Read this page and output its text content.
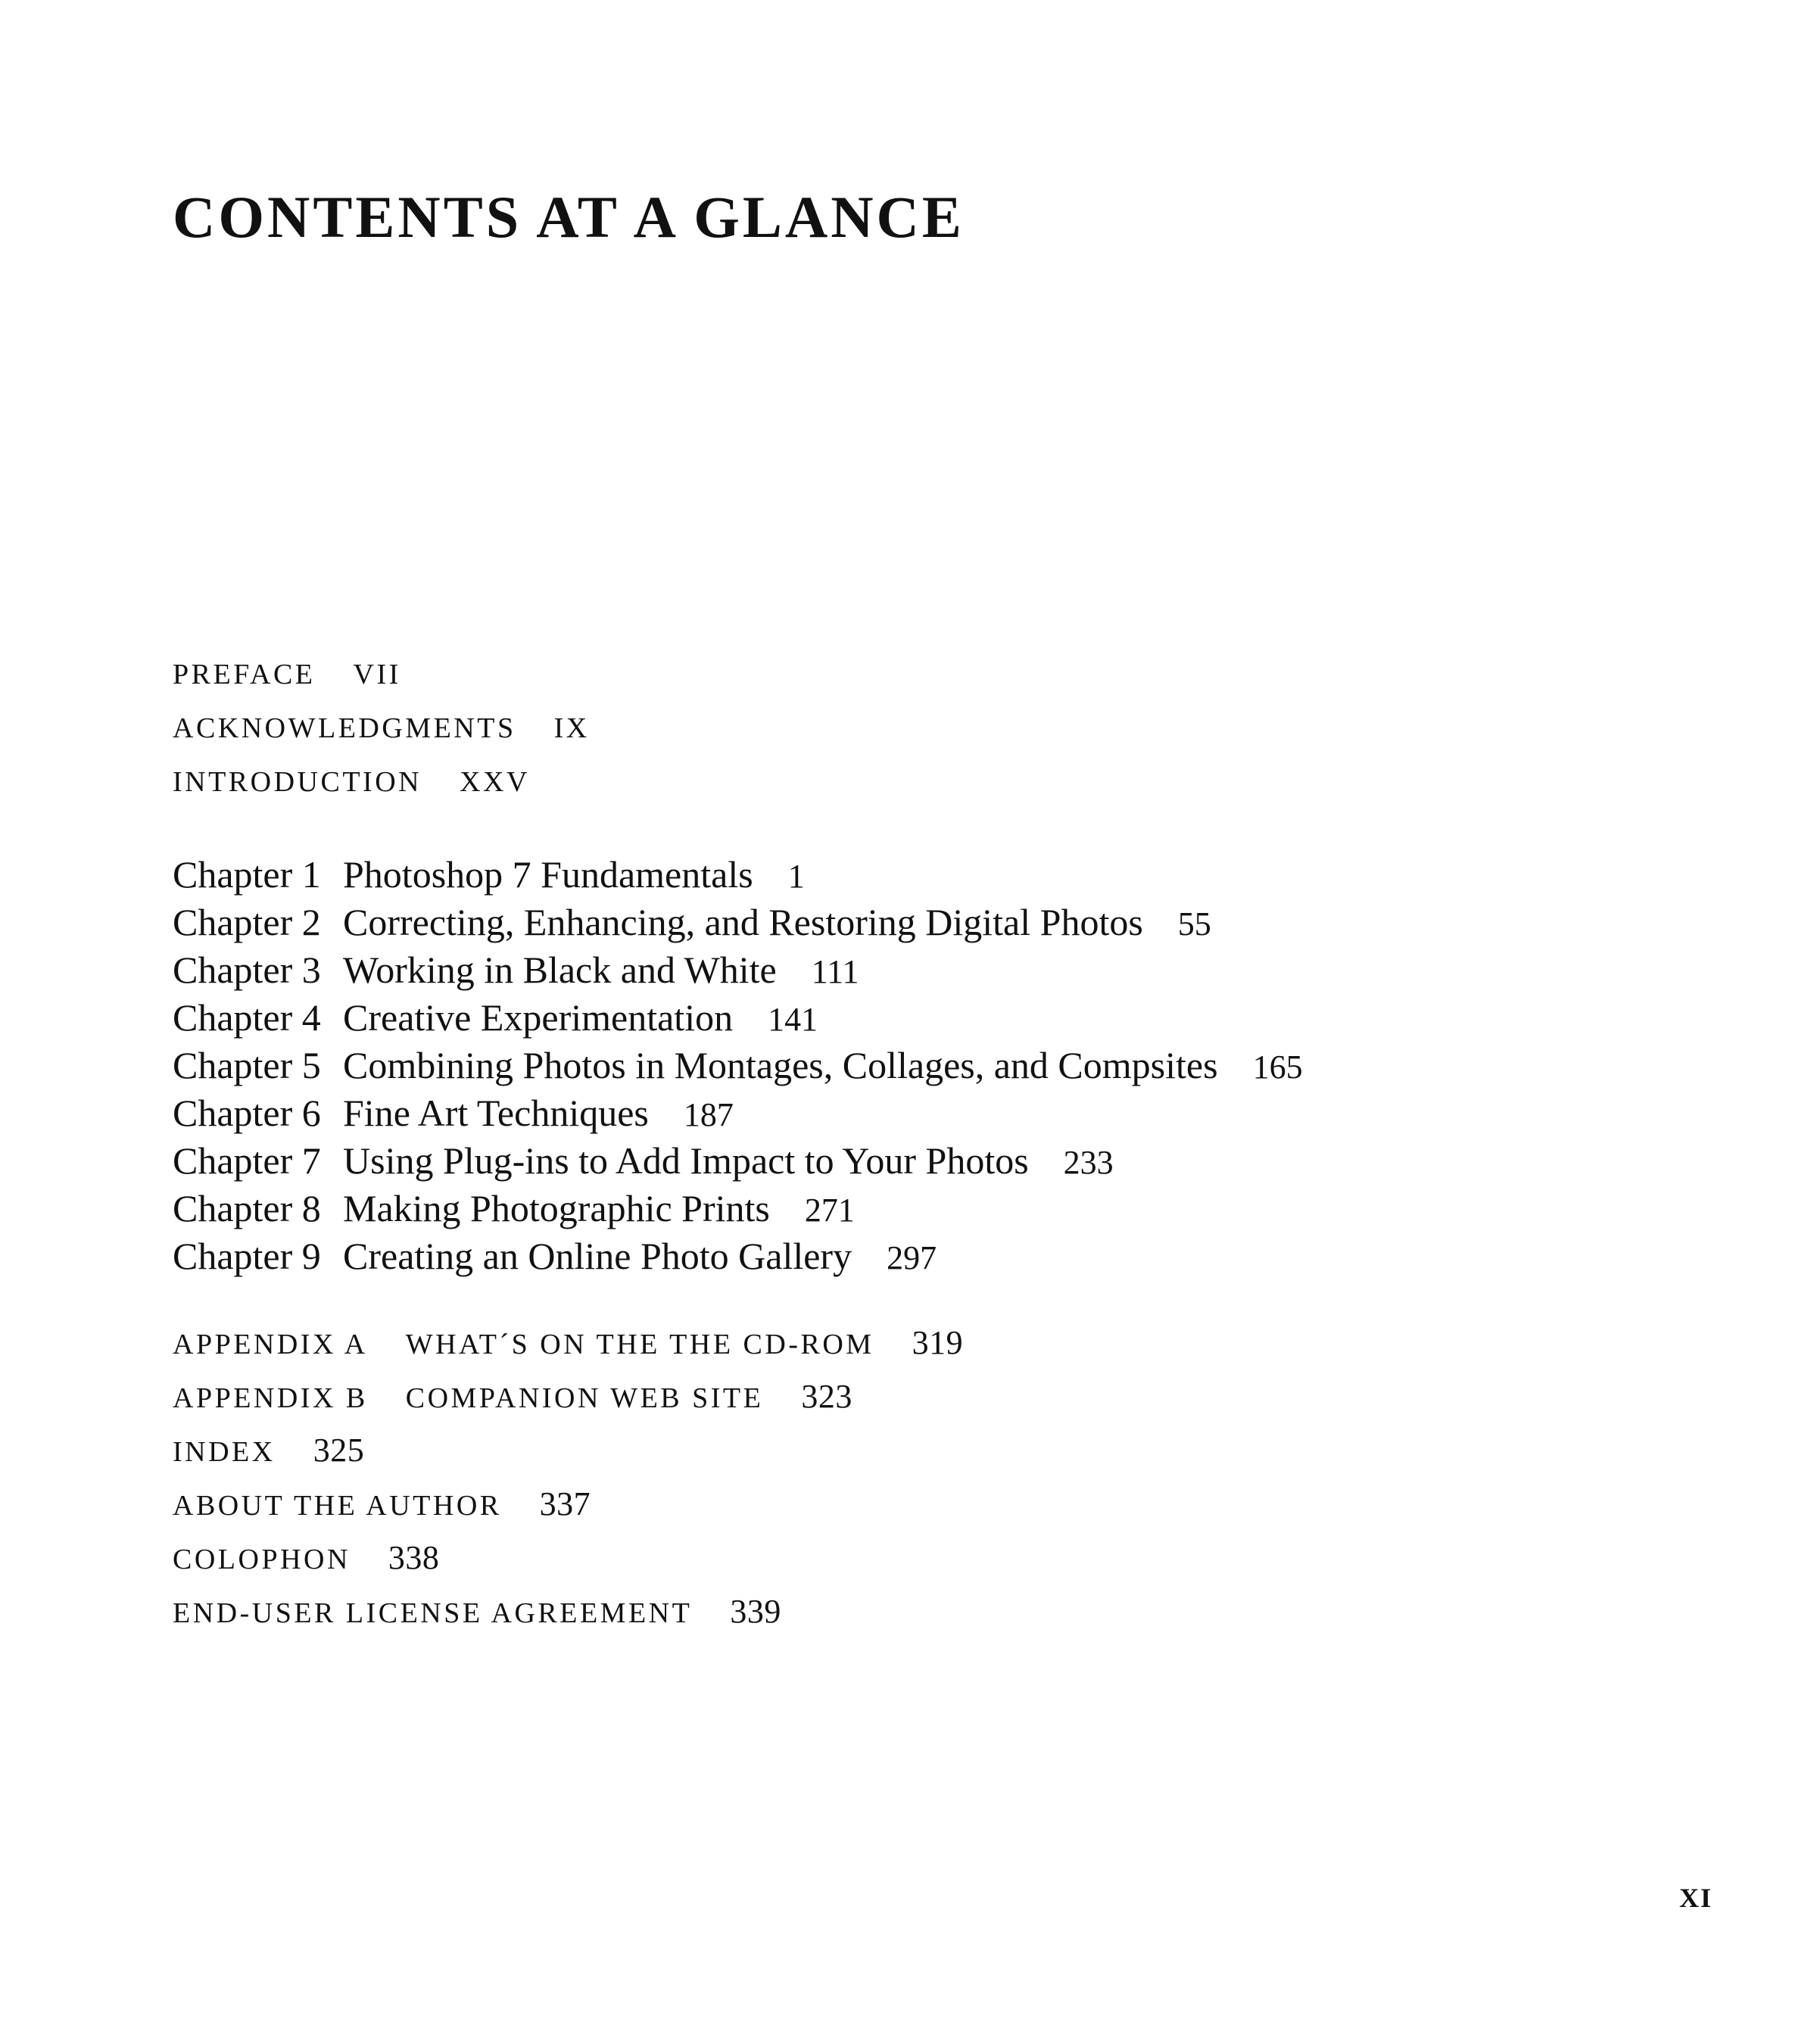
CONTENTS AT A GLANCE
PREFACE VII
ACKNOWLEDGMENTS IX
INTRODUCTION XXV
Chapter 1 Photoshop 7 Fundamentals 1
Chapter 2 Correcting, Enhancing, and Restoring Digital Photos 55
Chapter 3 Working in Black and White 111
Chapter 4 Creative Experimentation 141
Chapter 5 Combining Photos in Montages, Collages, and Compsites 165
Chapter 6 Fine Art Techniques 187
Chapter 7 Using Plug-ins to Add Impact to Your Photos 233
Chapter 8 Making Photographic Prints 271
Chapter 9 Creating an Online Photo Gallery 297
APPENDIX A WHAT´S ON THE THE CD-ROM 319
APPENDIX B COMPANION WEB SITE 323
INDEX 325
ABOUT THE AUTHOR 337
COLOPHON 338
END-USER LICENSE AGREEMENT 339
XI
